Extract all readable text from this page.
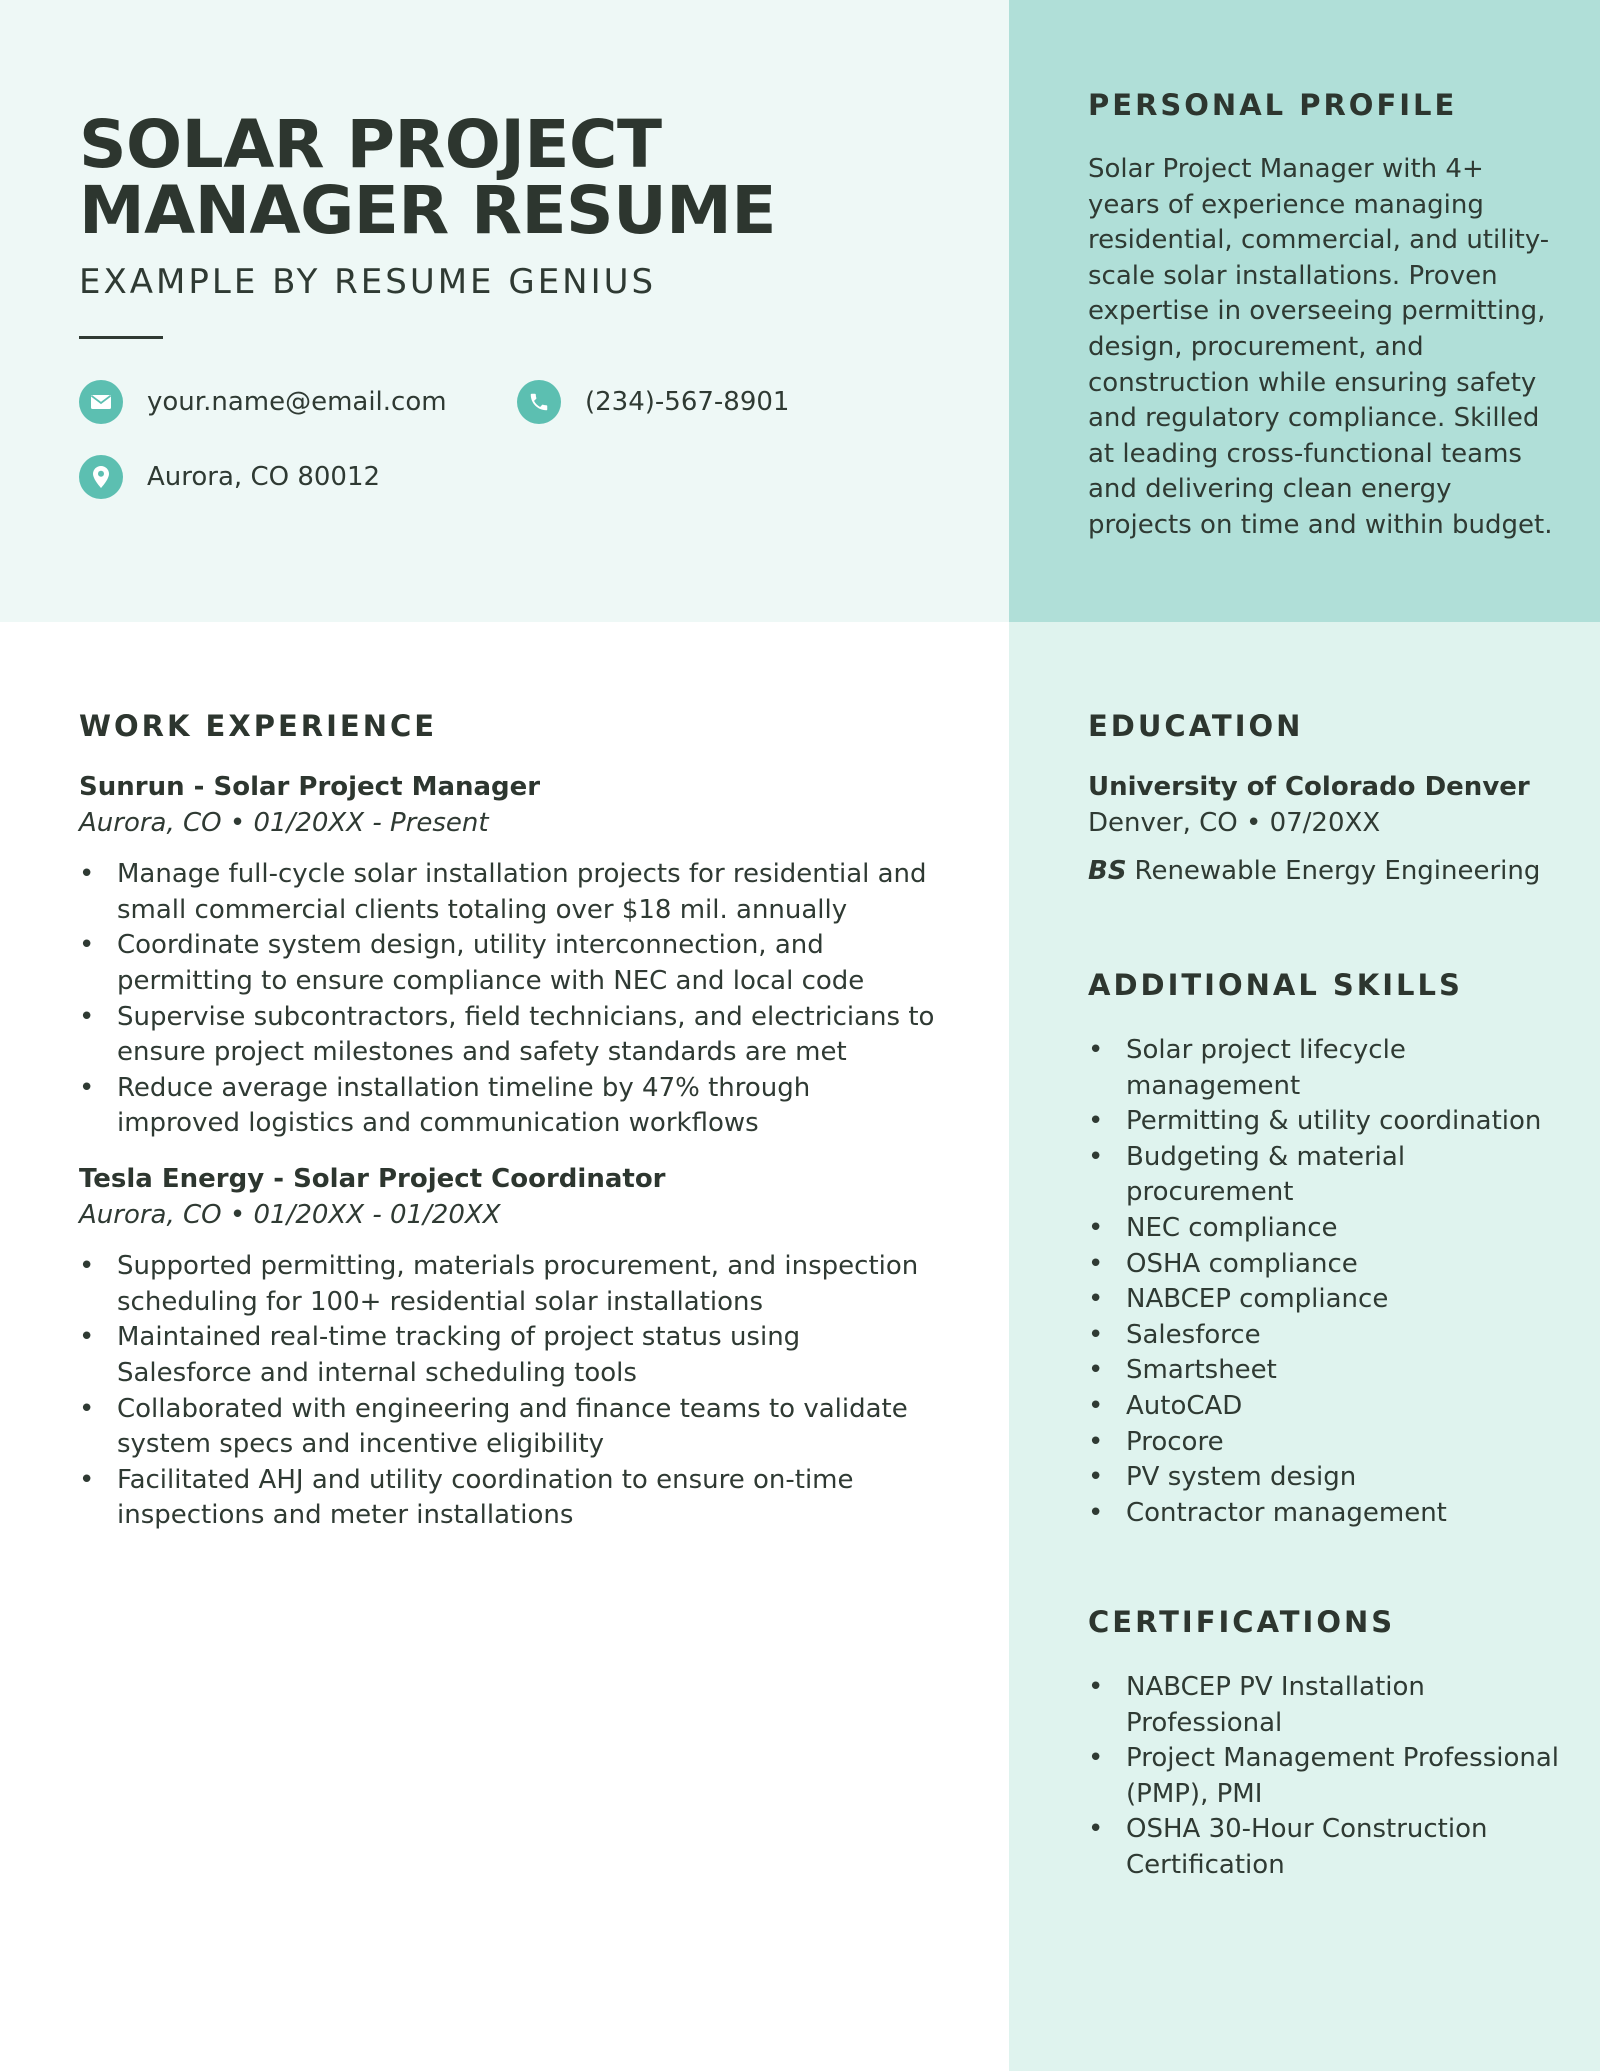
SOLAR PROJECT
MANAGER RESUME
EXAMPLE BY RESUME GENIUS
your.name@email.com	(234)-567-8901
Aurora, CO 80012
PERSONAL PROFILE

Solar Project Manager with 4+ years of experience managing residential, commercial, and utility-scale solar installations. Proven expertise in overseeing permitting, design, procurement, and construction while ensuring safety and regulatory compliance. Skilled at leading cross-functional teams and delivering clean energy projects on time and within budget.

WORK EXPERIENCE
Sunrun - Solar Project Manager
Aurora, CO • 01/20XX - Present
• Manage full-cycle solar installation projects for residential and small commercial clients totaling over $18 mil. annually
• Coordinate system design, utility interconnection, and permitting to ensure compliance with NEC and local code
• Supervise subcontractors, field technicians, and electricians to ensure project milestones and safety standards are met
• Reduce average installation timeline by 47% through improved logistics and communication workflows
Tesla Energy - Solar Project Coordinator
Aurora, CO • 01/20XX - 01/20XX
• Supported permitting, materials procurement, and inspection scheduling for 100+ residential solar installations
• Maintained real-time tracking of project status using Salesforce and internal scheduling tools
• Collaborated with engineering and finance teams to validate system specs and incentive eligibility
• Facilitated AHJ and utility coordination to ensure on-time inspections and meter installations
EDUCATION
University of Colorado Denver
Denver, CO • 07/20XX
BS Renewable Energy Engineering
ADDITIONAL SKILLS
• Solar project lifecycle management
• Permitting & utility coordination
• Budgeting & material procurement
• NEC compliance
• OSHA compliance
• NABCEP compliance
• Salesforce
• Smartsheet
• AutoCAD
• Procore
• PV system design
• Contractor management
CERTIFICATIONS
• NABCEP PV Installation Professional
• Project Management Professional (PMP), PMI
• OSHA 30-Hour Construction Certification
